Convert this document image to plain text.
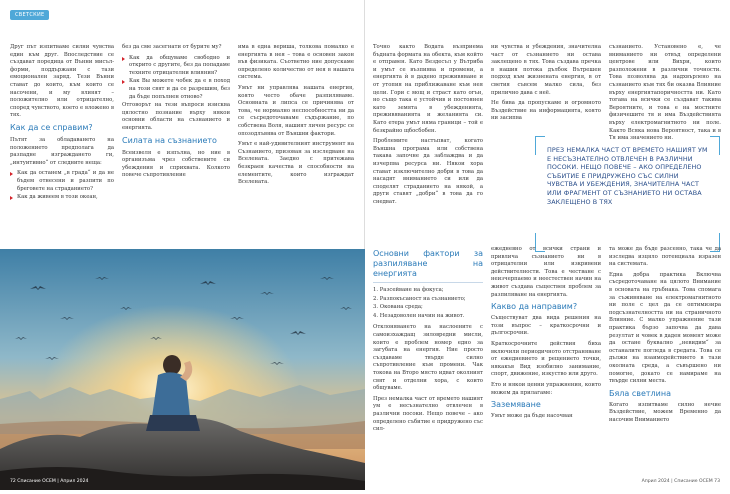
СВЕТСКИЕ

Друг път изпитваме силни чувства един към друг. Впоследствие се създават поредица от Вънни мисъл-форми, поддържани с тази емоционален заряд. Тези Вънни стават до които, към които се насочени, и му влияят – положително или отрицателно, според чувството, което е вложено в тях.

Как да се справим?

Пътят за обладаването на положението предполага да разпадне изграждането ги, „интуитивно“ от следните неща:

Как да останем „в града“ и да не бъдем отнесени и разпити по бреговете на страданието?
Как да живеем в този океан,

без да сме засегнати от бурите му?

Как да общуваме свободно и открито с другите, без да попадаме техните отрицателни влияния?
Как Вы можете чобек да е в поход на този свят и да се разрешим, без да бъде попълнен отново?

Отговорът на тези въпроси изисква цялостно познание върху някои основни области на съзнанието и енергията.

Силата на съзнанието

Всеизвеля е изпълна, но ние в организъма чрез собствените си убеждения и сприхвата. Колкото повече съпротивление

има в една вериша, толкова помалко е енергията в нея – това е основен закон във физиката. Съответно ние допускаме определено количество от нея в нашата система.

Умът ни управлява нашата енергия, която често обаче разпиляваме. Основната и липса се причинява от това, че нормално неспособността ни да се съсредоточаваме съдържание, по собствена Воля, нашият личен ресурс се опозодлъвява от Външни фактори.

Умът е най-удивителният инструмент на Съзнанието, призован за изследване на Вселената. Заедно с притежава безкраен качества и способности на елементите, които изграждат Вселената.

72 Списание ОСЕМ | Април 2024

Точно както Водата възприема бъдната формата на обекта, към който е отправен. Като Вездесъл у Вътриба и умът се възпиява и промени, а енергията ѝ в дадено преживяване и от утопия на приближаване към нея цели. Гори с мощ и страст като огън, но също така е устойчив и постоянен като земята в убежденията, преживяванията и желанията си. Като етера умът няма граници – той е безкрайно щбосбобен.

Проблемите настъпват, когато Външна програма или собствена такава започне да заблаждва и да изчерпва ресурса ни. Някои хора стават изключително добри в това да насадят вниманието си или да споделят страданието на някой, а други ставят „добри“ в това да го снедват.

ни чувства и убеждения, значителна част от съзнанието ни остава заклещено в тях. Това създава пречка в нашия потока дълбок Вътрешен подход към жизнената енергия, в от светия съвсем малко сила, без прилично дава с неё.

Не бива да пропускаме и огромното Въздействие на информацията, която ни засипва

съзнанието. Установено е, че вниманието ни отвъд определени центрове или Вихри, които разположени в различни точности. Това позволява да надхвърлено на съзнанието към тях би оказва Влияние върху енергиятапоричността ни. Като тогава на всички се създават такива Вероятните, и това е на мостните физичешите тя и има Въздействията върху електромагнитното ни поле. Както Всяка нова Вероятност, така и в Тя има значението ни.

ПРЕЗ НЕМАЛКА ЧАСТ ОТ ВРЕМЕТО НАШИЯТ УМ Е НЕСЪЗНАТЕЛНО ОТВЛЕЧЕН В РАЗЛИЧНИ ПОСОКИ. НЕЩО ПОВЕЧЕ – АКО ОПРЕДЕЛЕНО СЪБИТИЕ Е ПРИДРУЖЕНО СЪС СИЛНИ ЧУВСТВА И УБЕЖДЕНИЯ, ЗНАЧИТЕЛНА ЧАСТ ИЛИ ФРАГМЕНТ ОТ СЪЗНАНИЕТО НИ ОСТАВА ЗАКЛЕЩЕНО В ТЯХ
Основни фактори за разпиляване на енергията
1. Разсейване на фокуса;
2. Разпокъсаност на съзнанието;
3. Окована среда;
4. Незадоволен начин на живот.

Отклоняването на наслоените с самоизхаждащ зиловредни мисли, които е проблем номер едно за загубата на енергия. Ние просто създаваме твърде силно съпротивление към промени. Чак токова на Второ място идват околният свят и отделни хора, с които общуваме.

През немалка част от времето нашият ум е несъзнателно отвлечен в различни посоки. Нещо повече – ако определено събитие е придружено със сил-

ежедневно от всички страни и привлича съзнанието ни в отрицателни или изкривени действителности. Това е честване с неизчерпаемо и неестествен начин на живот създава съществен проблем за разпиляване на енергията.

Какво да направим?

Съществуват два вида решения на този въпрос – краткосрочни и дългосрочни.

Краткосрочните действия биха включили периодичното отстраняване от ежедневието и рещението точки, някакъв Вид изобилно занимание, спорт, движение, изкуство или друго.

Ето и някои ценни упражнения, които можем да прилагаме:

Заземяване

Умът може да бъде насочван

та може да бъде разсеяно, така че да изследва изцяло потенциала изразен на системата.

Една добра практика Включва съсредоточаване на цялото Внимание в основата на гръбнака. Това спомага за съживяване на електромагнитното ни поле с цел да се оптимизира подсъзнателността ни на страничното Влияние. С малко упражнение тази практика бързо започва да дава резултат и човек в даден момент може да остане буквално „невидим“ за останалите погледа в средата. Това се дължи на взаимодействието в тази околната среда, а съвършено ни помогне, докато се намираме на твърде силни места.

Бяла светлина

Когато изпитваме силно нечие Въздействие, можем Временно да насочим Вниманието

Април 2024 | Списание ОСЕМ 73
